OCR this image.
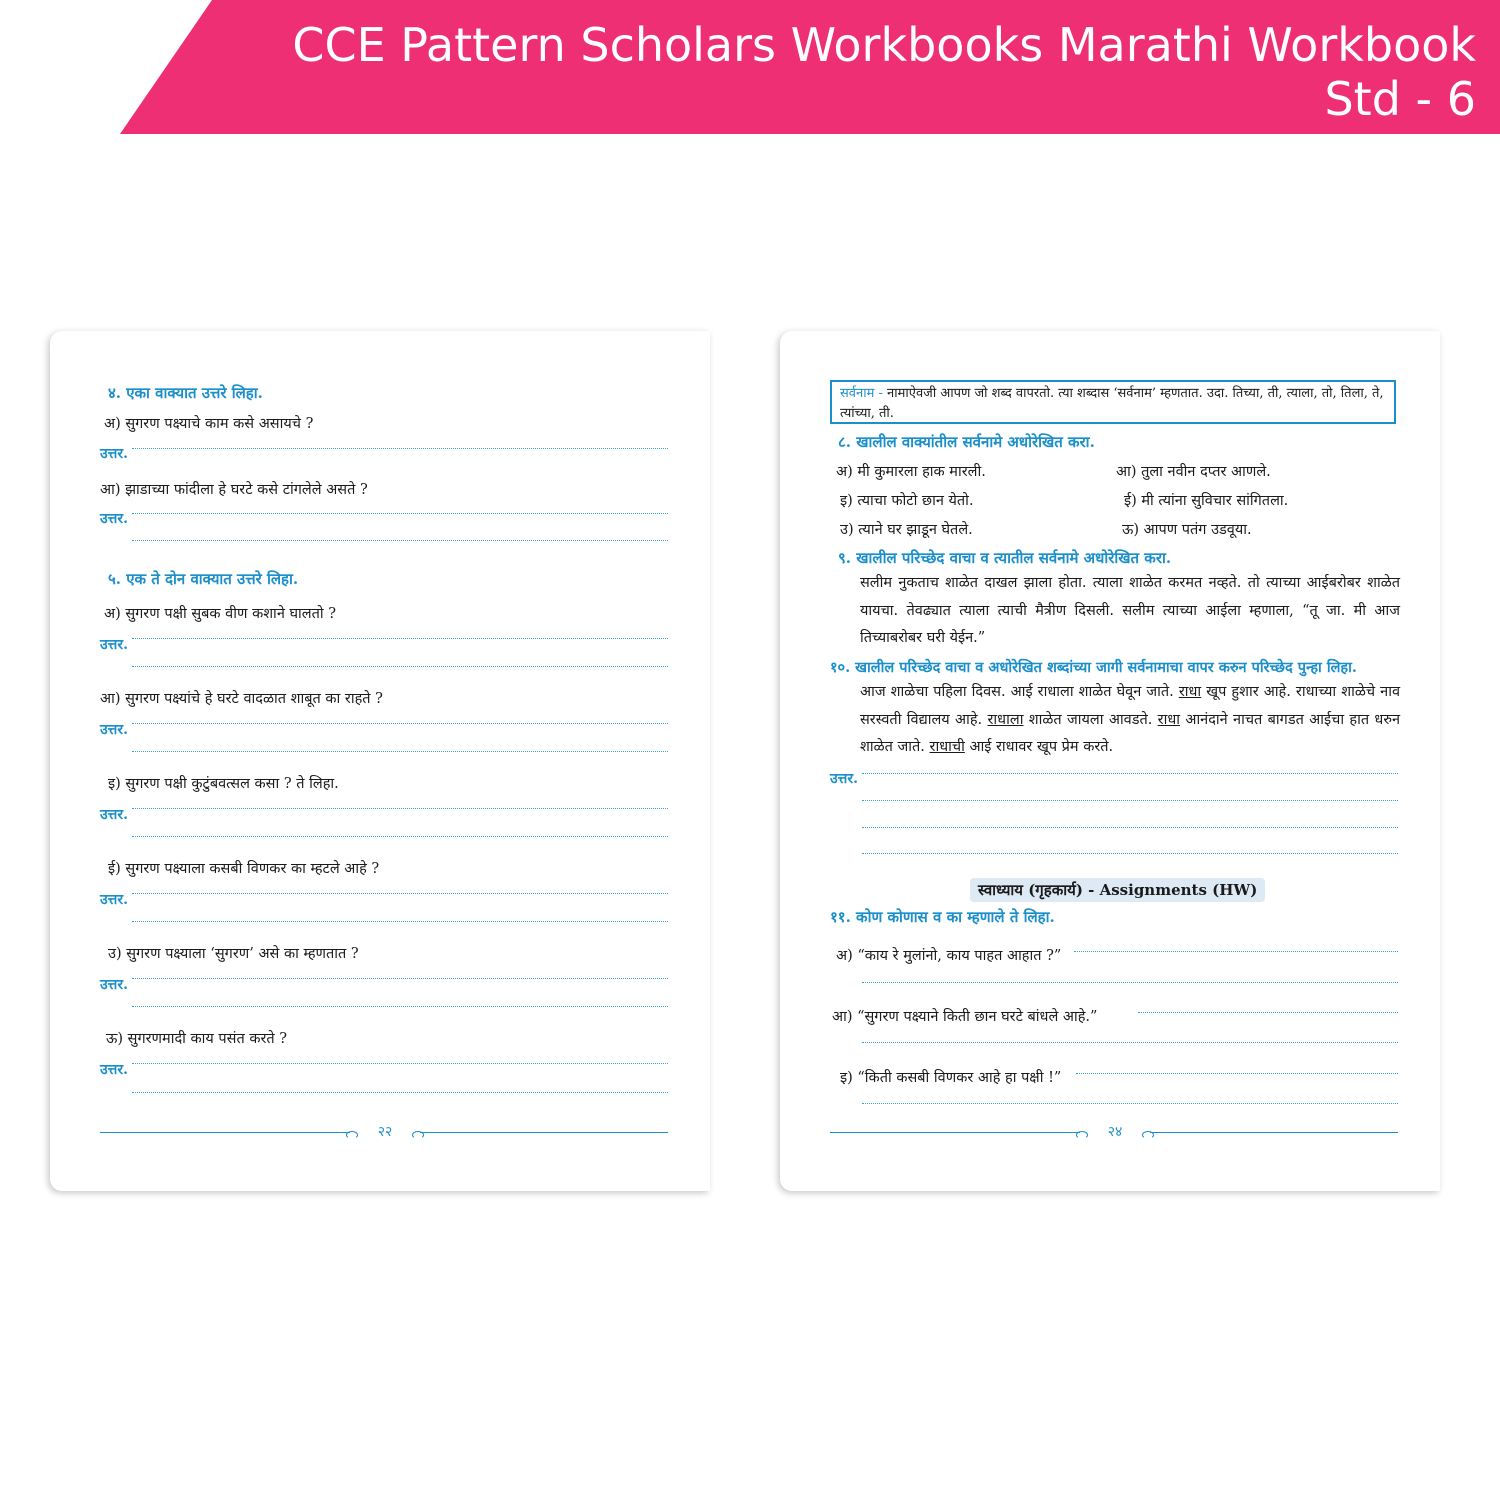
CCE Pattern Scholars Workbooks Marathi Workbook
Std - 6
४. एका वाक्यात उत्तरे लिहा.
अ) सुगरण पक्ष्याचे काम कसे असायचे ?
उत्तर.
आ) झाडाच्या फांदीला हे घरटे कसे टांगलेले असते ?
उत्तर.
५. एक ते दोन वाक्यात उत्तरे लिहा.
अ) सुगरण पक्षी सुबक वीण कशाने घालतो ?
उत्तर.
आ) सुगरण पक्ष्यांचे हे घरटे वादळात शाबूत का राहते ?
उत्तर.
इ) सुगरण पक्षी कुटुंबवत्सल कसा ? ते लिहा.
उत्तर.
ई) सुगरण पक्ष्याला कसबी विणकर का म्हटले आहे ?
उत्तर.
उ) सुगरण पक्ष्याला ‘सुगरण’ असे का म्हणतात ?
उत्तर.
ऊ) सुगरणमादी काय पसंत करते ?
उत्तर.
२२
सर्वनाम - नामाऐवजी आपण जो शब्द वापरतो. त्या शब्दास ‘सर्वनाम’ म्हणतात. उदा. तिच्या, ती, त्याला, तो, तिला, ते, त्यांच्या, ती.
८. खालील वाक्यांतील सर्वनामे अधोरेखित करा.
अ) मी कुमारला हाक मारली.	आ) तुला नवीन दप्तर आणले.
इ) त्याचा फोटो छान येतो.	ई) मी त्यांना सुविचार सांगितला.
उ) त्याने घर झाडून घेतले.	ऊ) आपण पतंग उडवूया.
९. खालील परिच्छेद वाचा व त्यातील सर्वनामे अधोरेखित करा.
सलीम नुकताच शाळेत दाखल झाला होता. त्याला शाळेत करमत नव्हते. तो त्याच्या आईबरोबर शाळेत यायचा. तेवढ्यात त्याला त्याची मैत्रीण दिसली. सलीम त्याच्या आईला म्हणाला, “तू जा. मी आज तिच्याबरोबर घरी येईन.”
१०. खालील परिच्छेद वाचा व अधोरेखित शब्दांच्या जागी सर्वनामाचा वापर करुन परिच्छेद पुन्हा लिहा.
आज शाळेचा पहिला दिवस. आई राधाला शाळेत घेवून जाते. राधा खूप हुशार आहे. राधाच्या शाळेचे नाव सरस्वती विद्यालय आहे. राधाला शाळेत जायला आवडते. राधा आनंदाने नाचत बागडत आईचा हात धरुन शाळेत जाते. राधाची आई राधावर खूप प्रेम करते.
उत्तर.
स्वाध्याय (गृहकार्य) - Assignments (HW)
११. कोण कोणास व का म्हणाले ते लिहा.
अ) “काय रे मुलांनो, काय पाहत आहात ?”
आ) “सुगरण पक्ष्याने किती छान घरटे बांधले आहे.”
इ) “किती कसबी विणकर आहे हा पक्षी !”
२४
